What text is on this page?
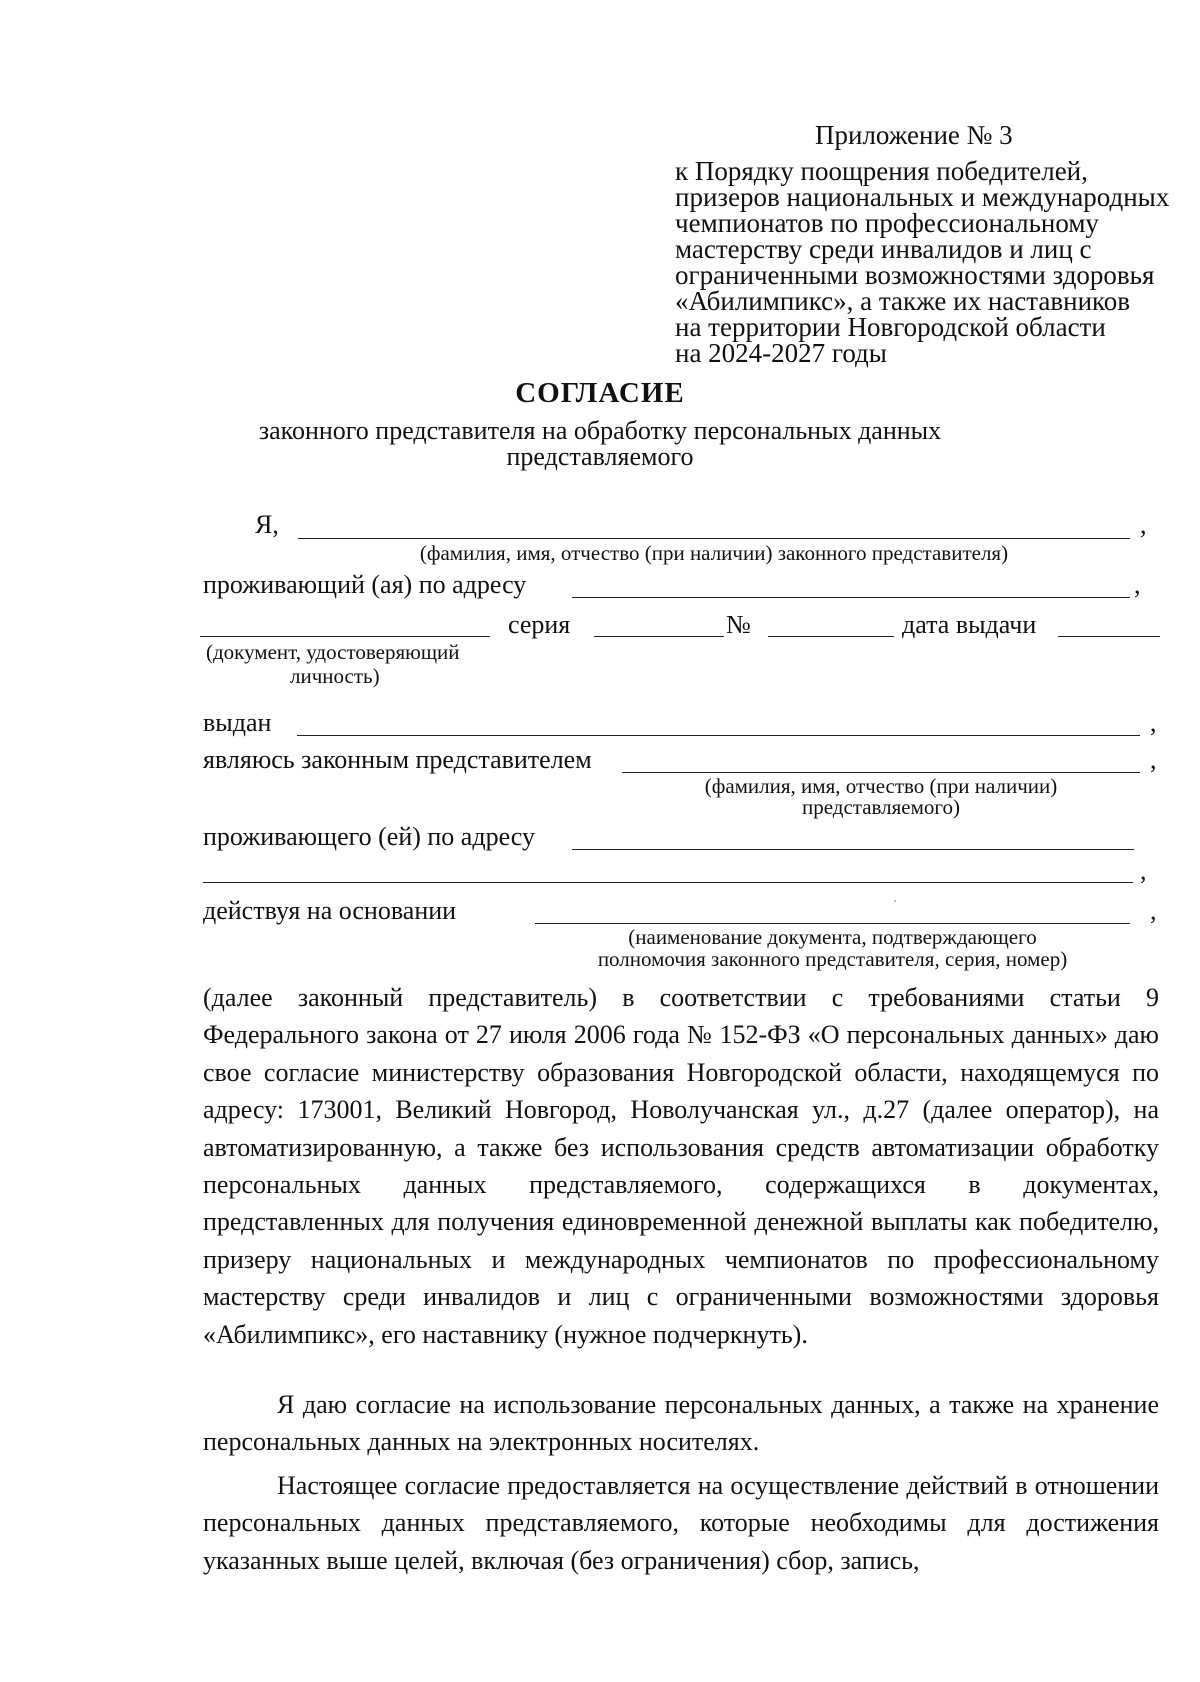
Приложение № 3
к Порядку поощрения победителей,
призеров национальных и международных
чемпионатов по профессиональному
мастерству среди инвалидов и лиц с
ограниченными возможностями здоровья
«Абилимпикс», а также их наставников
на территории Новгородской области
на 2024-2027 годы
СОГЛАСИЕ
законного представителя на обработку персональных данных
представляемого
Я,	,
(фамилия, имя, отчество (при наличии) законного представителя)
проживающий (ая) по адресу	,
серия	№	дата выдачи
(документ, удостоверяющий
личность)
выдан	,
являюсь законным представителем	,
(фамилия, имя, отчество (при наличии)
представляемого)
проживающего (ей) по адресу
,
действуя на основании	,
(наименование документа, подтверждающего
полномочия законного представителя, серия, номер)
(далее законный представитель) в соответствии с требованиями статьи 9 Федерального закона от 27 июля 2006 года № 152-ФЗ «О персональных данных» даю свое согласие министерству образования Новгородской области, находящемуся по адресу: 173001, Великий Новгород, Новолучанская ул., д.27 (далее оператор), на автоматизированную, а также без использования средств автоматизации обработку персональных данных представляемого, содержащихся в документах, представленных для получения единовременной денежной выплаты как победителю, призеру национальных и международных чемпионатов по профессиональному мастерству среди инвалидов и лиц с ограниченными возможностями здоровья «Абилимпикс», его наставнику (нужное подчеркнуть).
Я даю согласие на использование персональных данных, а также на хранение персональных данных на электронных носителях.
Настоящее согласие предоставляется на осуществление действий в отношении персональных данных представляемого, которые необходимы для достижения указанных выше целей, включая (без ограничения) сбор, запись,
